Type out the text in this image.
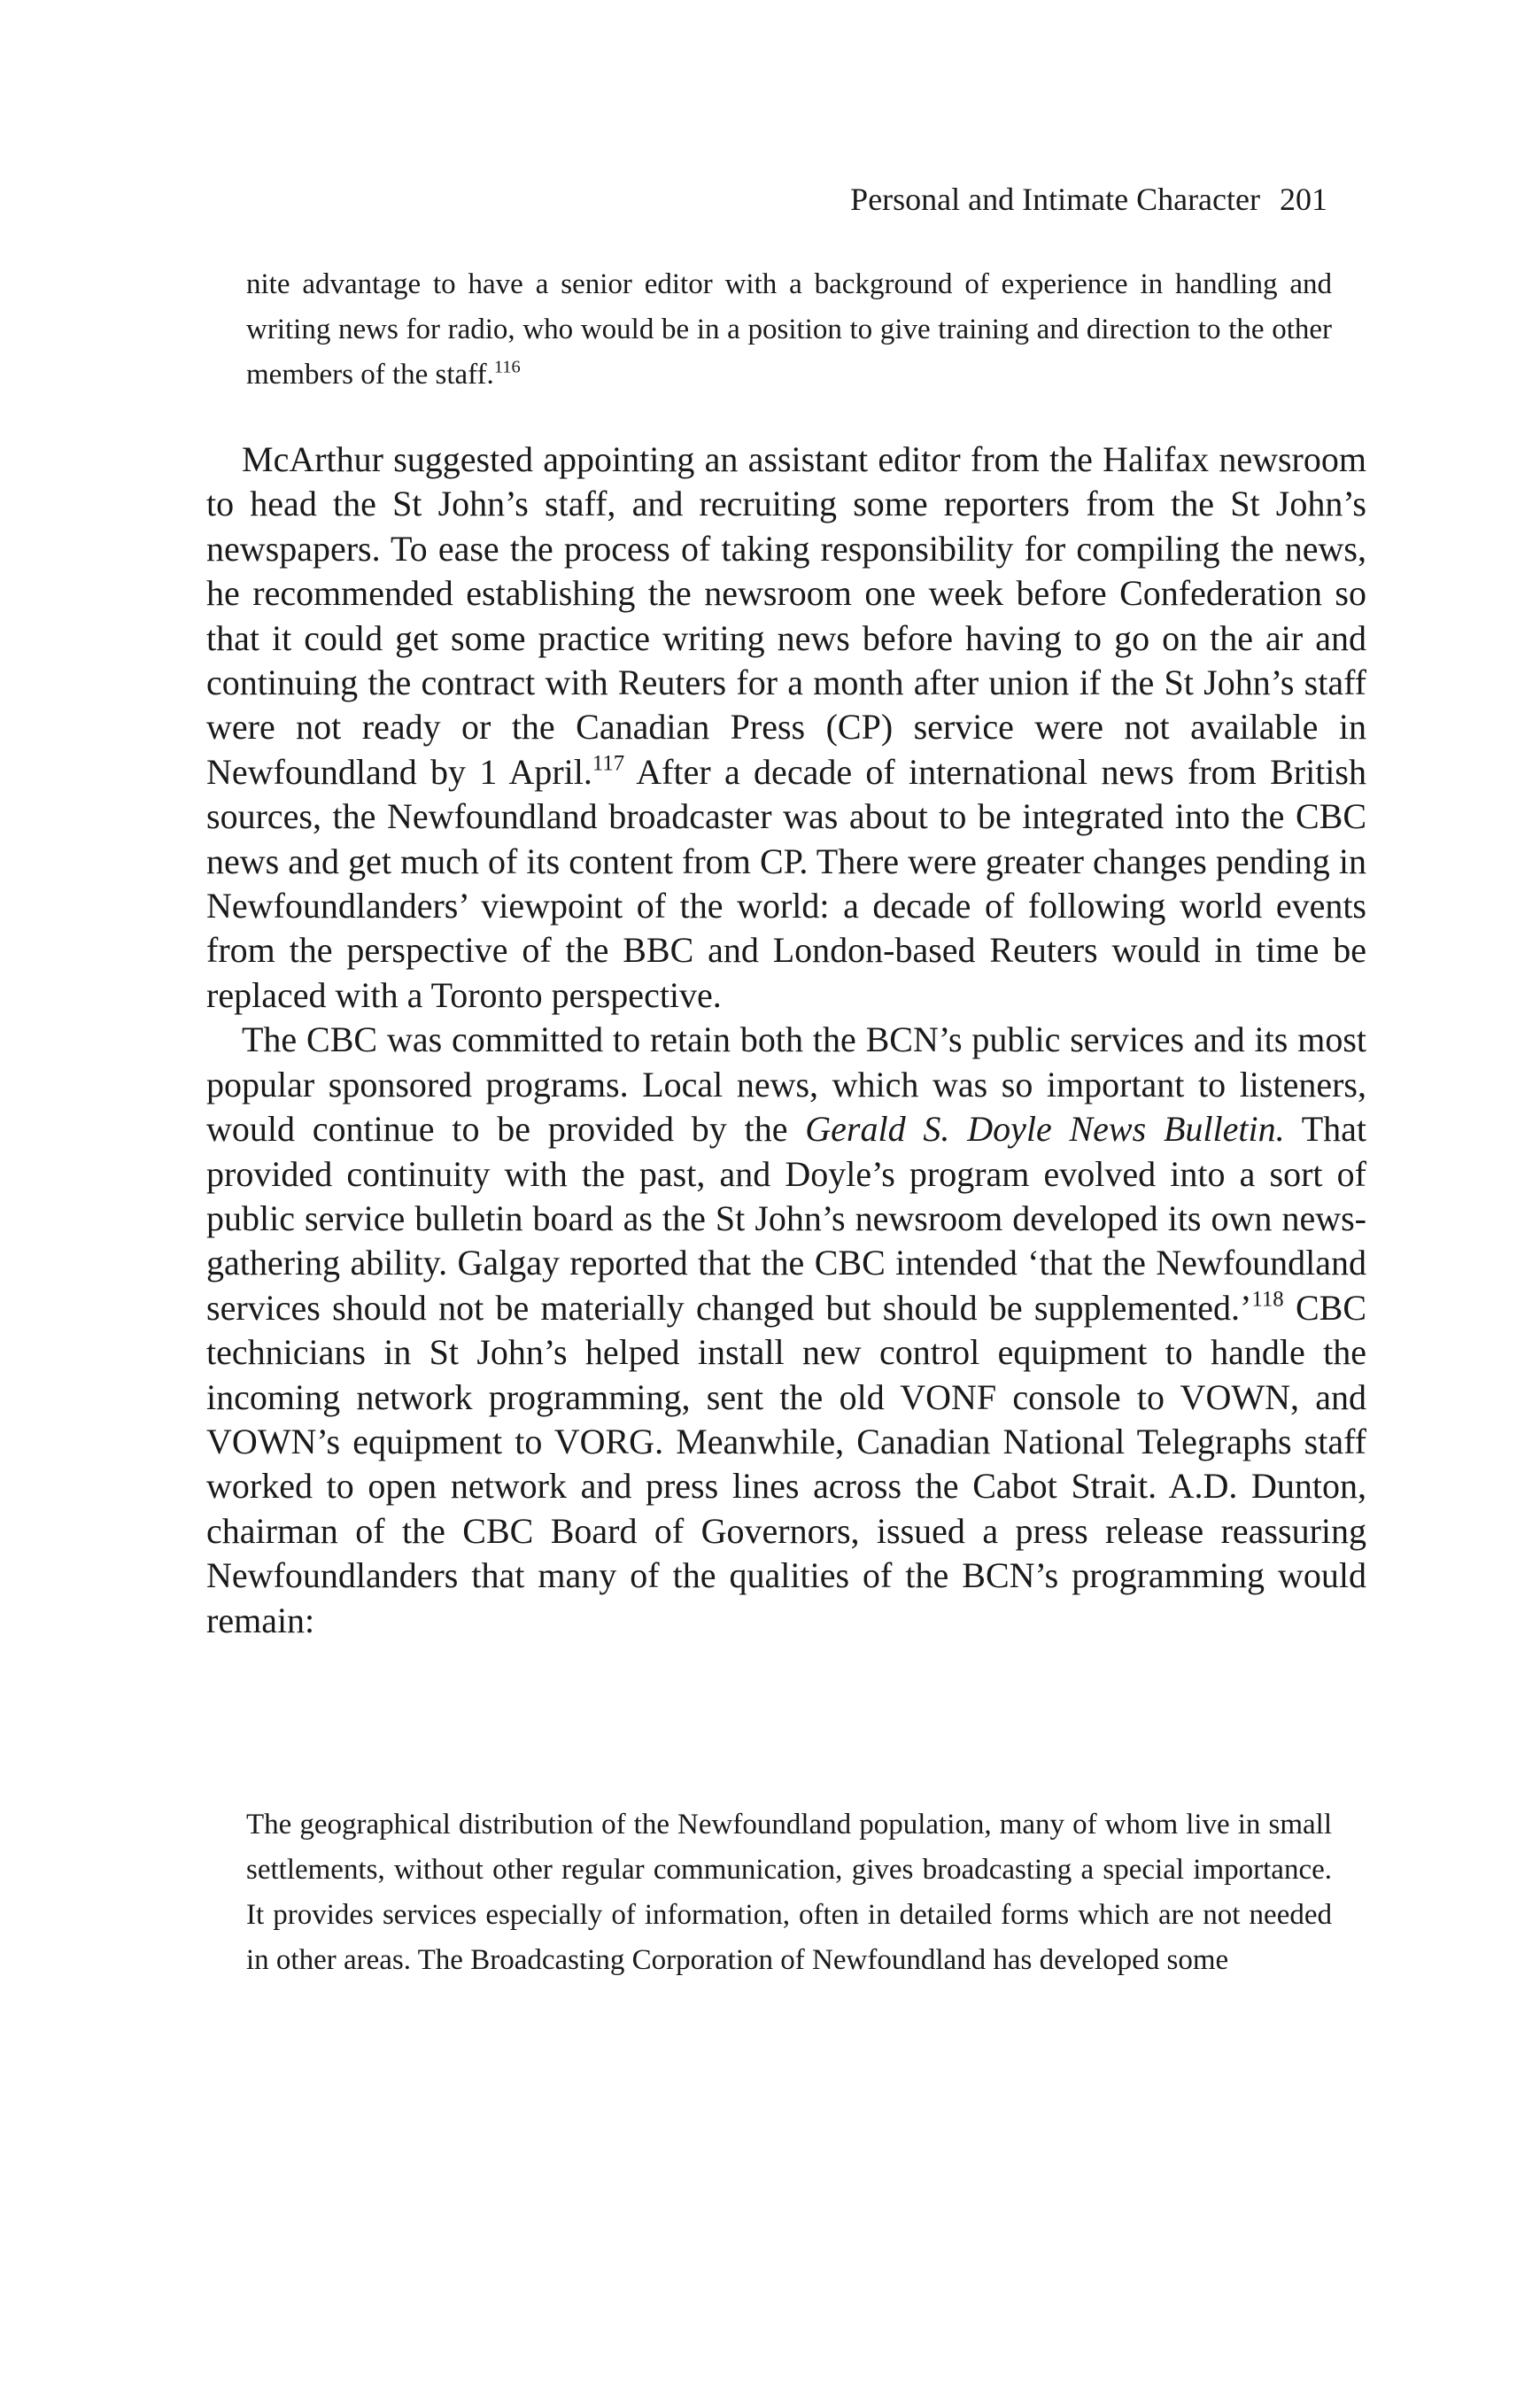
Personal and Intimate Character 201

nite advantage to have a senior editor with a background of experience in handling and writing news for radio, who would be in a position to give training and direction to the other members of the staff.$^{116}$

McArthur suggested appointing an assistant editor from the Halifax newsroom to head the St John’s staff, and recruiting some reporters from the St John’s newspapers. To ease the process of taking responsibility for compiling the news, he recommended establishing the newsroom one week before Confederation so that it could get some practice writing news before having to go on the air and continuing the contract with Reuters for a month after union if the St John’s staff were not ready or the Canadian Press (CP) service were not available in Newfoundland by 1 April.$^{117}$ After a decade of international news from British sources, the Newfoundland broadcaster was about to be integrated into the CBC news and get much of its content from CP. There were greater changes pending in Newfoundlanders’ viewpoint of the world: a decade of following world events from the perspective of the BBC and London-based Reuters would in time be replaced with a Toronto perspective.

The CBC was committed to retain both the BCN’s public services and its most popular sponsored programs. Local news, which was so important to listeners, would continue to be provided by the Gerald S. Doyle News Bulletin. That provided continuity with the past, and Doyle’s program evolved into a sort of public service bulletin board as the St John’s newsroom developed its own news-gathering ability. Galgay reported that the CBC intended ‘that the Newfoundland services should not be materially changed but should be supplemented.’$^{118}$ CBC technicians in St John’s helped install new control equipment to handle the incoming network programming, sent the old VONF console to VOWN, and VOWN’s equipment to VORG. Meanwhile, Canadian National Telegraphs staff worked to open network and press lines across the Cabot Strait. A.D. Dunton, chairman of the CBC Board of Governors, issued a press release reassuring Newfoundlanders that many of the qualities of the BCN’s programming would remain:

The geographical distribution of the Newfoundland population, many of whom live in small settlements, without other regular communication, gives broadcasting a special importance. It provides services especially of information, often in detailed forms which are not needed in other areas. The Broadcasting Corporation of Newfoundland has developed some
